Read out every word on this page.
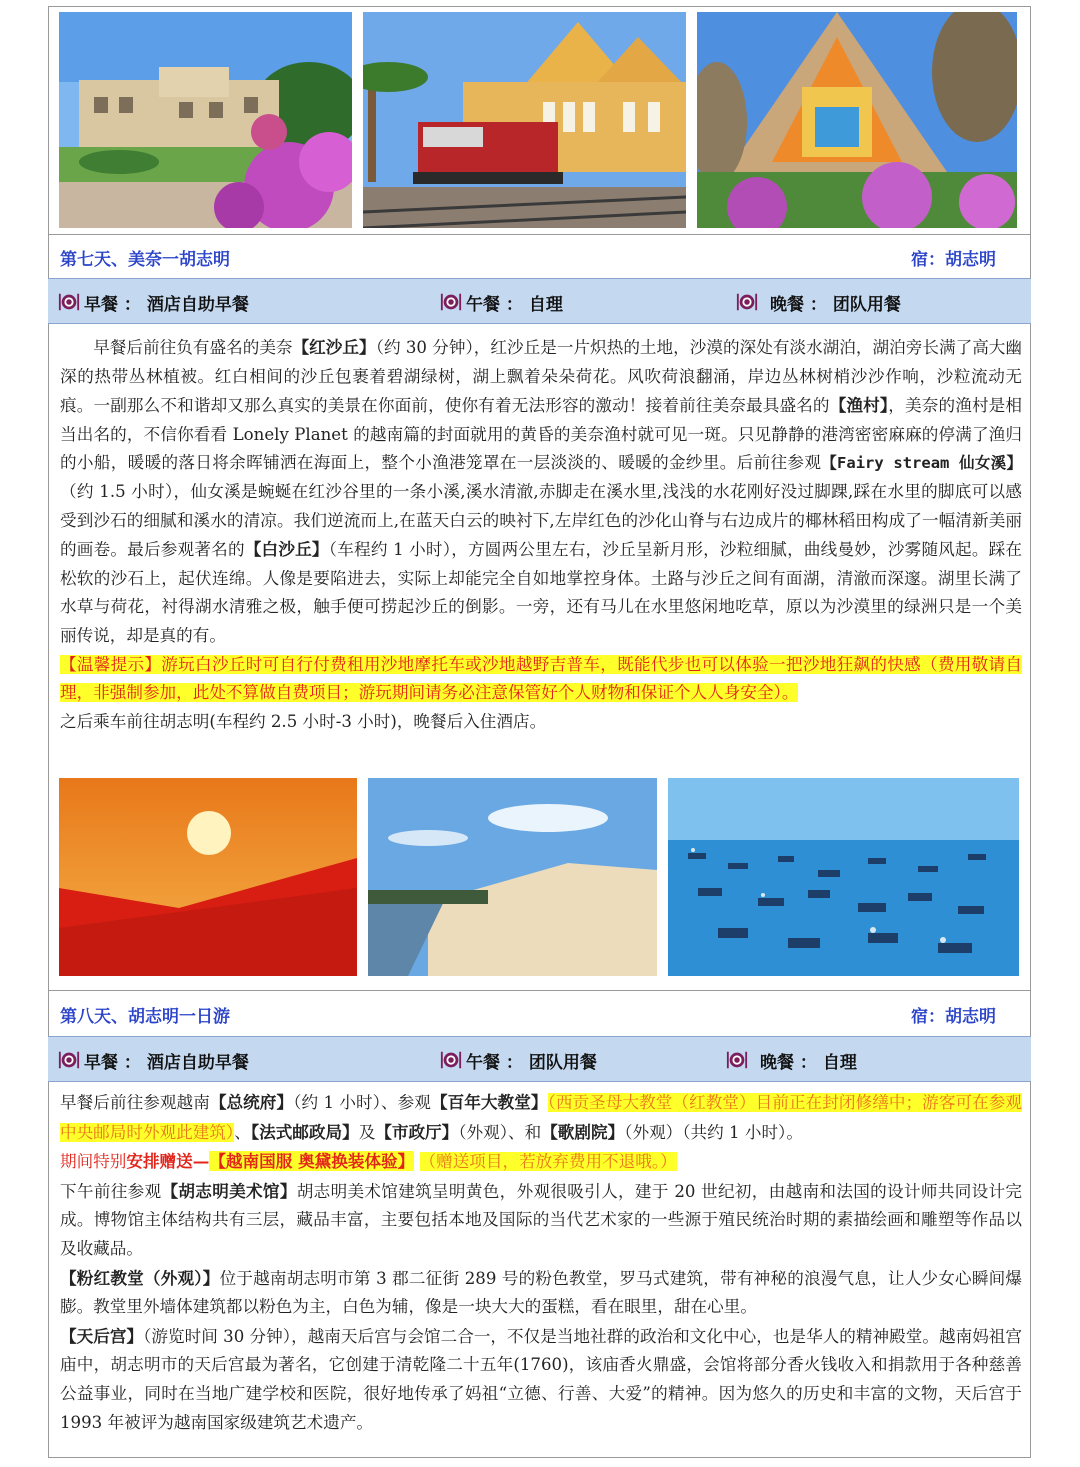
第七天、美奈一胡志明	宿：胡志明
早餐 ： 酒店自助早餐	午餐 ： 自理	晚餐 ： 团队用餐

早餐后前往负有盛名的美奈【红沙丘】（约 30 分钟），红沙丘是一片炽热的土地，沙漠的深处有淡水湖泊，湖泊旁长满了高大幽深的热带丛林植被。红白相间的沙丘包裹着碧湖绿树，湖上飘着朵朵荷花。风吹荷浪翻涌，岸边丛林树梢沙沙作响，沙粒流动无痕。一副那么不和谐却又那么真实的美景在你面前，使你有着无法形容的激动！接着前往美奈最具盛名的【渔村】，美奈的渔村是相当出名的，不信你看看 Lonely Planet 的越南篇的封面就用的黄昏的美奈渔村就可见一斑。只见静静的港湾密密麻麻的停满了渔归的小船，暖暖的落日将余晖铺洒在海面上，整个小渔港笼罩在一层淡淡的、暖暖的金纱里。后前往参观【Fairy stream 仙女溪】（约 1.5 小时），仙女溪是蜿蜒在红沙谷里的一条小溪,溪水清澈,赤脚走在溪水里,浅浅的水花刚好没过脚踝,踩在水里的脚底可以感受到沙石的细腻和溪水的清凉。我们逆流而上,在蓝天白云的映衬下,左岸红色的沙化山脊与右边成片的椰林稻田构成了一幅清新美丽的画卷。最后参观著名的【白沙丘】（车程约 1 小时），方圆两公里左右，沙丘呈新月形，沙粒细腻，曲线曼妙，沙雾随风起。踩在松软的沙石上，起伏连绵。人像是要陷进去，实际上却能完全自如地掌控身体。土路与沙丘之间有面湖，清澈而深邃。湖里长满了水草与荷花，衬得湖水清雅之极，触手便可捞起沙丘的倒影。一旁，还有马儿在水里悠闲地吃草，原以为沙漠里的绿洲只是一个美丽传说，却是真的有。

【温馨提示】游玩白沙丘时可自行付费租用沙地摩托车或沙地越野吉普车，既能代步也可以体验一把沙地狂飙的快感（费用敬请自理，非强制参加，此处不算做自费项目；游玩期间请务必注意保管好个人财物和保证个人人身安全）。

之后乘车前往胡志明(车程约 2.5 小时-3 小时)，晚餐后入住酒店。

第八天、胡志明一日游	宿：胡志明
早餐 ： 酒店自助早餐	午餐 ： 团队用餐	晚餐 ： 自理

早餐后前往参观越南【总统府】（约 1 小时）、参观【百年大教堂】（西贡圣母大教堂（红教堂）目前正在封闭修缮中；游客可在参观中央邮局时外观此建筑）、【法式邮政局】及【市政厅】（外观）、和【歌剧院】（外观）（共约 1 小时）。

期间特别安排赠送—【越南国服 奥黛换装体验】 （赠送项目，若放弃费用不退哦。）

下午前往参观【胡志明美术馆】胡志明美术馆建筑呈明黄色，外观很吸引人，建于 20 世纪初，由越南和法国的设计师共同设计完成。博物馆主体结构共有三层，藏品丰富，主要包括本地及国际的当代艺术家的一些源于殖民统治时期的素描绘画和雕塑等作品以及收藏品。

【粉红教堂（外观）】位于越南胡志明市第 3 郡二征街 289 号的粉色教堂，罗马式建筑，带有神秘的浪漫气息，让人少女心瞬间爆膨。教堂里外墙体建筑都以粉色为主，白色为辅，像是一块大大的蛋糕，看在眼里，甜在心里。

【天后宫】（游览时间 30 分钟），越南天后宫与会馆二合一，不仅是当地社群的政治和文化中心，也是华人的精神殿堂。越南妈祖宫庙中，胡志明市的天后宫最为著名，它创建于清乾隆二十五年(1760)，该庙香火鼎盛，会馆将部分香火钱收入和捐款用于各种慈善公益事业，同时在当地广建学校和医院，很好地传承了妈祖“立德、行善、大爱”的精神。因为悠久的历史和丰富的文物，天后宫于 1993 年被评为越南国家级建筑艺术遗产。
